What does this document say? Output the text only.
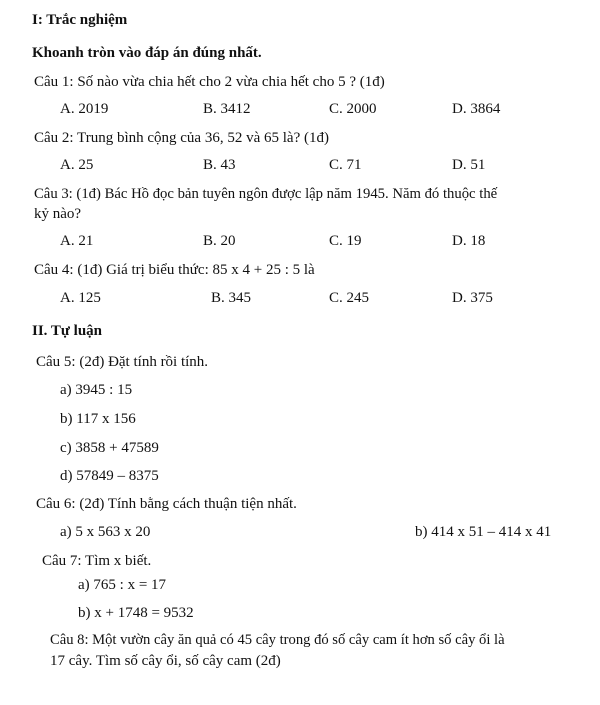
I: Trắc nghiệm
Khoanh tròn vào đáp án đúng nhất.
Câu 1: Số nào vừa chia hết cho 2 vừa chia hết cho 5 ? (1đ)
A. 2019	B. 3412	C. 2000	D. 3864
Câu 2: Trung bình cộng của 36, 52 và 65 là? (1đ)
A. 25	B. 43	C. 71	D. 51
Câu 3: (1đ) Bác Hồ đọc bản tuyên ngôn được lập năm 1945. Năm đó thuộc thế
kỷ nào?
A. 21	B. 20	C. 19	D. 18
Câu 4: (1đ) Giá trị biểu thức: 85 x 4 + 25 : 5 là
A. 125	B. 345	C. 245	D. 375
II. Tự luận
Câu 5: (2đ) Đặt tính rồi tính.
a) 3945 : 15
b) 117 x 156
c) 3858 + 47589
d) 57849 – 8375
Câu 6: (2đ) Tính bằng cách thuận tiện nhất.
a) 5 x 563 x 20	b) 414 x 51 – 414 x 41
Câu 7: Tìm x biết.
a) 765 : x = 17
b) x + 1748 = 9532
Câu 8: Một vườn cây ăn quả có 45 cây trong đó số cây cam ít hơn số cây ổi là
17 cây. Tìm số cây ổi, số cây cam (2đ)
